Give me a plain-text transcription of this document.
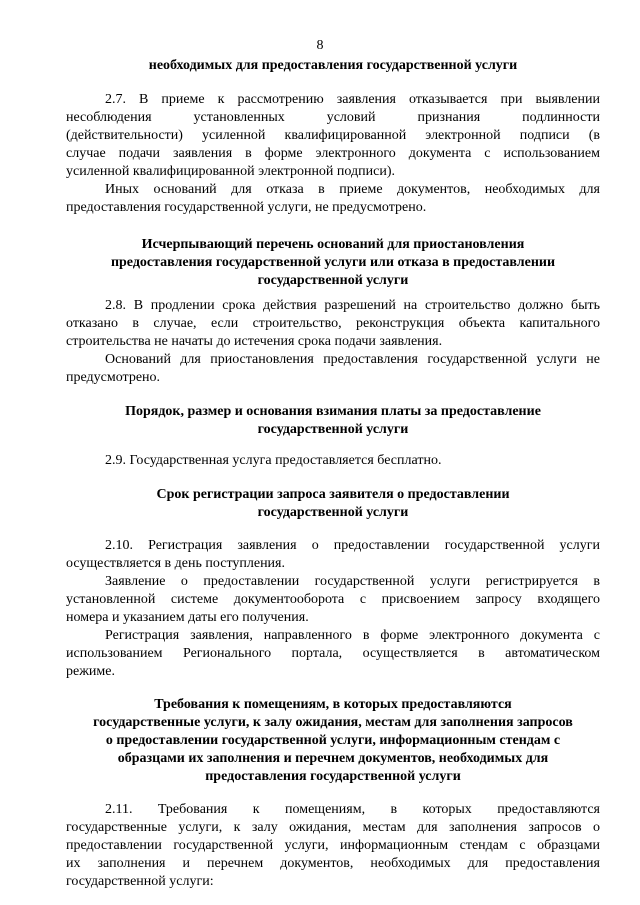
8
необходимых для предоставления государственной услуги
2.7. В приеме к рассмотрению заявления отказывается при выявлении
несоблюдения	установленных	условий	признания	подлинности
(действительности) усиленной квалифицированной электронной подписи (в
случае подачи заявления в форме электронного документа с использованием
усиленной квалифицированной электронной подписи).
Иных оснований для отказа в приеме документов, необходимых для
предоставления государственной услуги, не предусмотрено.
Исчерпывающий перечень оснований для приостановления
предоставления государственной услуги или отказа в предоставлении
государственной услуги
2.8. В продлении срока действия разрешений на строительство должно быть
отказано в случае, если строительство, реконструкция объекта капитального
строительства не начаты до истечения срока подачи заявления.
Оснований для приостановления предоставления государственной услуги не
предусмотрено.
Порядок, размер и основания взимания платы за предоставление
государственной услуги
2.9. Государственная услуга предоставляется бесплатно.
Срок регистрации запроса заявителя о предоставлении
государственной услуги
2.10. Регистрация заявления о предоставлении государственной услуги
осуществляется в день поступления.
Заявление о предоставлении государственной услуги регистрируется в
установленной системе документооборота с присвоением запросу входящего
номера и указанием даты его получения.
Регистрация заявления, направленного в форме электронного документа с
использованием Регионального портала, осуществляется в автоматическом
режиме.
Требования к помещениям, в которых предоставляются
государственные услуги, к залу ожидания, местам для заполнения запросов
о предоставлении государственной услуги, информационным стендам с
образцами их заполнения и перечнем документов, необходимых для
предоставления государственной услуги
2.11. Требования к помещениям, в которых предоставляются
государственные услуги, к залу ожидания, местам для заполнения запросов о
предоставлении государственной услуги, информационным стендам с образцами
их заполнения и перечнем документов, необходимых для предоставления
государственной услуги:
